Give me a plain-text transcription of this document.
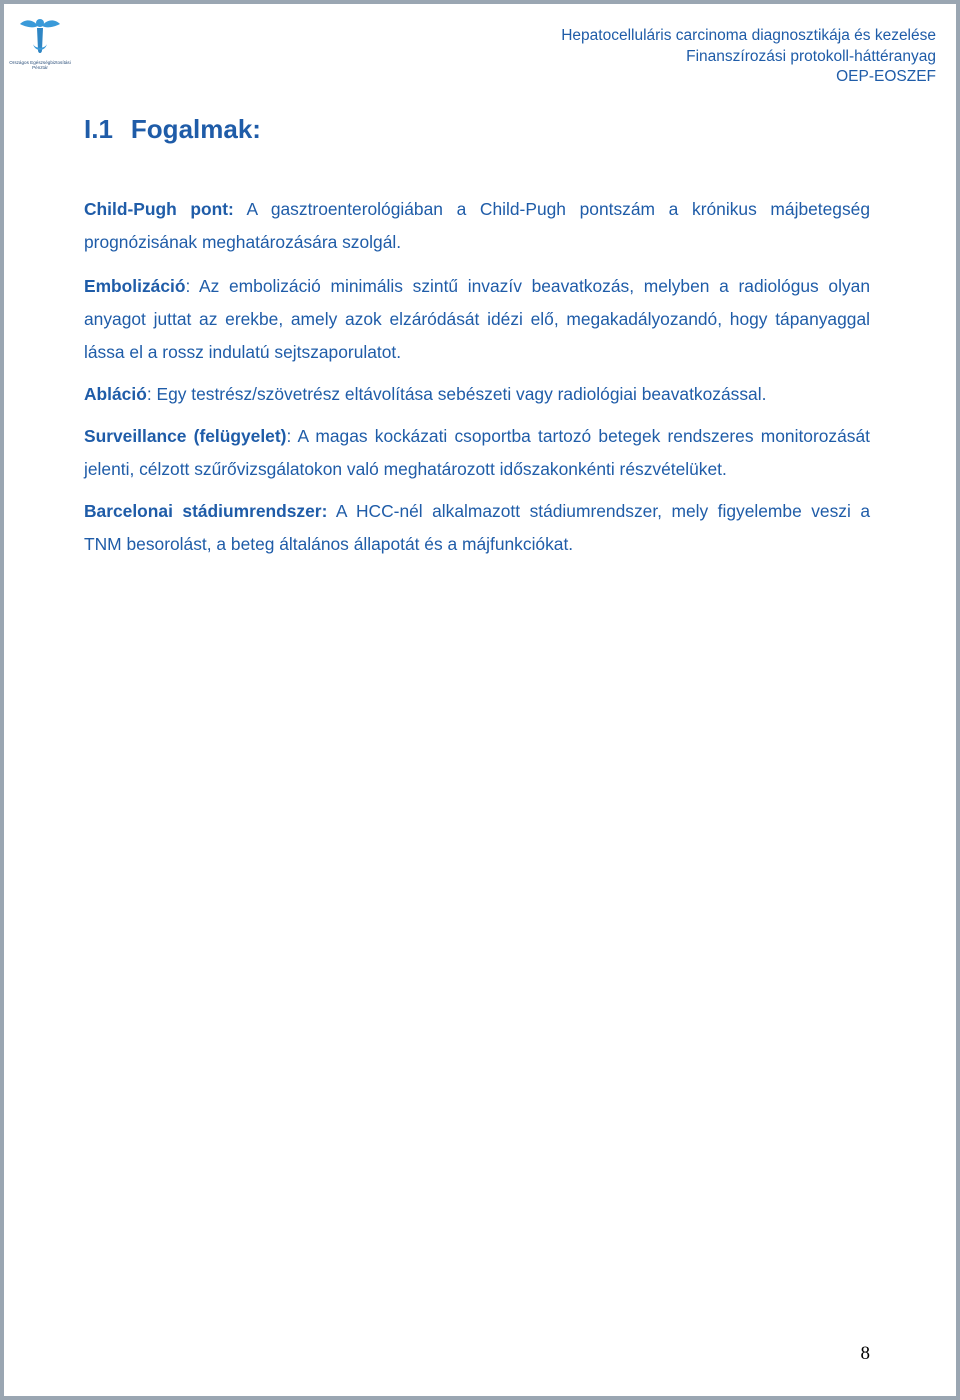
Országos Egészségbiztosítási Pénztár
Hepatocelluláris carcinoma diagnosztikája és kezelése
Finanszírozási protokoll-háttéranyag
OEP-EOSZEF
I.1 Fogalmak:

Child-Pugh pont: A gasztroenterológiában a Child-Pugh pontszám a krónikus májbetegség prognózisának meghatározására szolgál.

Embolizáció: Az embolizáció minimális szintű invazív beavatkozás, melyben a radiológus olyan anyagot juttat az erekbe, amely azok elzáródását idézi elő, megakadályozandó, hogy tápanyaggal lássa el a rossz indulatú sejtszaporulatot.

Abláció: Egy testrész/szövetrész eltávolítása sebészeti vagy radiológiai beavatkozással.

Surveillance (felügyelet): A magas kockázati csoportba tartozó betegek rendszeres monitorozását jelenti, célzott szűrővizsgálatokon való meghatározott időszakonkénti részvételüket.

Barcelonai stádiumrendszer: A HCC-nél alkalmazott stádiumrendszer, mely figyelembe veszi a TNM besorolást, a beteg általános állapotát és a májfunkciókat.

8
